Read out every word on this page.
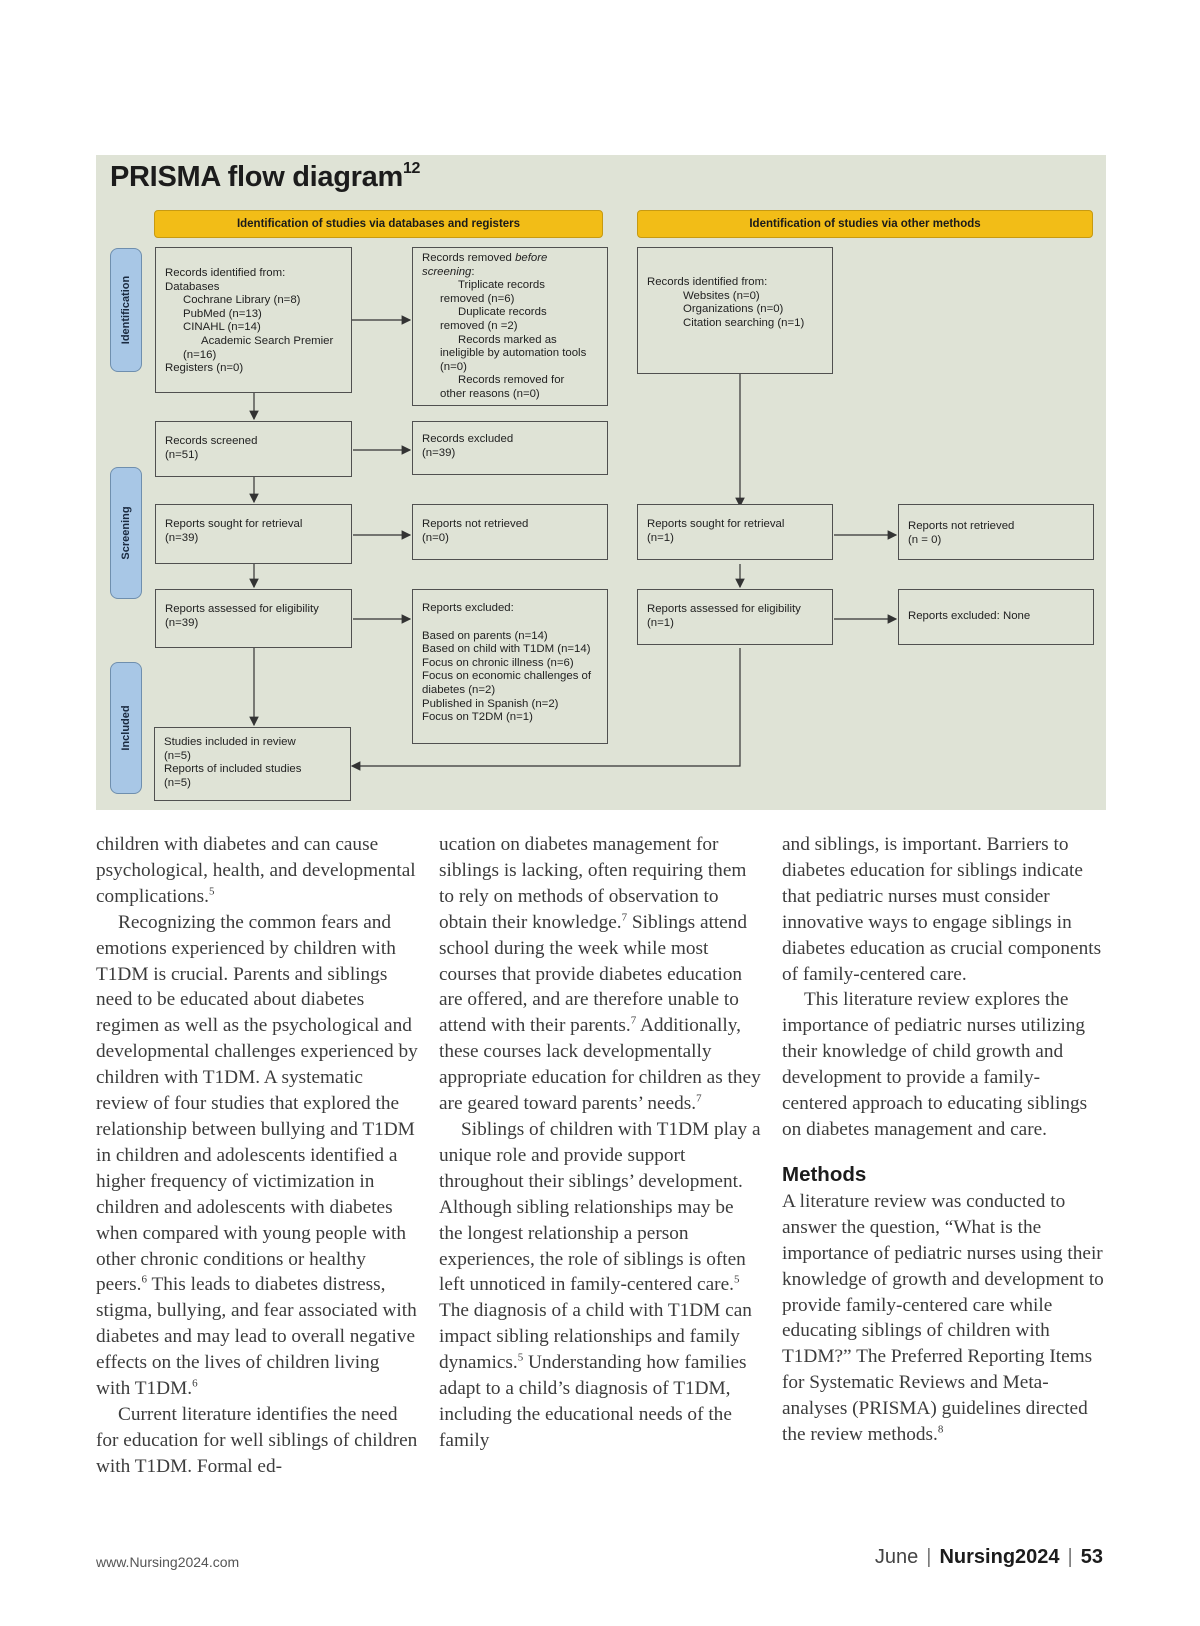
PRISMA flow diagram$^{12}$
Identification of studies via databases and registers	Identification of studies via other methods
Identification
Screening
Included
Records identified from:
Databases
Cochrane Library (n=8)
PubMed (n=13)
CINAHL (n=14)
Academic Search Premier
(n=16)
Registers (n=0)
Records removed before
screening:
Triplicate records
removed (n=6)
Duplicate records
removed (n =2)
Records marked as
ineligible by automation tools
(n=0)
Records removed for
other reasons (n=0)
Records identified from:
Websites (n=0)
Organizations (n=0)
Citation searching (n=1)
Records screened
(n=51)
Records excluded
(n=39)
Reports sought for retrieval
(n=39)
Reports not retrieved
(n=0)
Reports sought for retrieval
(n=1)
Reports not retrieved
(n = 0)
Reports assessed for eligibility
(n=39)
Reports excluded:
Based on parents (n=14)
Based on child with T1DM (n=14)
Focus on chronic illness (n=6)
Focus on economic challenges of
diabetes (n=2)
Published in Spanish (n=2)
Focus on T2DM (n=1)
Reports assessed for eligibility
(n=1)
Reports excluded: None
Studies included in review
(n=5)
Reports of included studies
(n=5)

children with diabetes and can cause psychological, health, and developmental complications.$^5$

Recognizing the common fears and emotions experienced by children with T1DM is crucial. Parents and siblings need to be educated about diabetes regimen as well as the psychological and developmental challenges experienced by children with T1DM. A systematic review of four studies that explored the relationship between bullying and T1DM in children and adolescents identified a higher frequency of victimization in children and adolescents with diabetes when compared with young people with other chronic conditions or healthy peers.$^6$ This leads to diabetes distress, stigma, bullying, and fear associated with diabetes and may lead to overall negative effects on the lives of children living with T1DM.$^6$

Current literature identifies the need for education for well siblings of children with T1DM. Formal ed-

ucation on diabetes management for siblings is lacking, often requiring them to rely on methods of observation to obtain their knowledge.$^7$ Siblings attend school during the week while most courses that provide diabetes education are offered, and are therefore unable to attend with their parents.$^7$ Additionally, these courses lack developmentally appropriate education for children as they are geared toward parents’ needs.$^7$

Siblings of children with T1DM play a unique role and provide support throughout their siblings’ development. Although sibling relationships may be the longest relationship a person experiences, the role of siblings is often left unnoticed in family-centered care.$^5$ The diagnosis of a child with T1DM can impact sibling relationships and family dynamics.$^5$ Understanding how families adapt to a child’s diagnosis of T1DM, including the educational needs of the family

and siblings, is important. Barriers to diabetes education for siblings indicate that pediatric nurses must consider innovative ways to engage siblings in diabetes education as crucial components of family-centered care.

This literature review explores the importance of pediatric nurses utilizing their knowledge of child growth and development to provide a family-centered approach to educating siblings on diabetes management and care.

Methods

A literature review was conducted to answer the question, “What is the importance of pediatric nurses using their knowledge of growth and development to provide family-centered care while educating siblings of children with T1DM?” The Preferred Reporting Items for Systematic Reviews and Meta-analyses (PRISMA) guidelines directed the review methods.$^8$

www.Nursing2024.com	June | Nursing2024 | 53
